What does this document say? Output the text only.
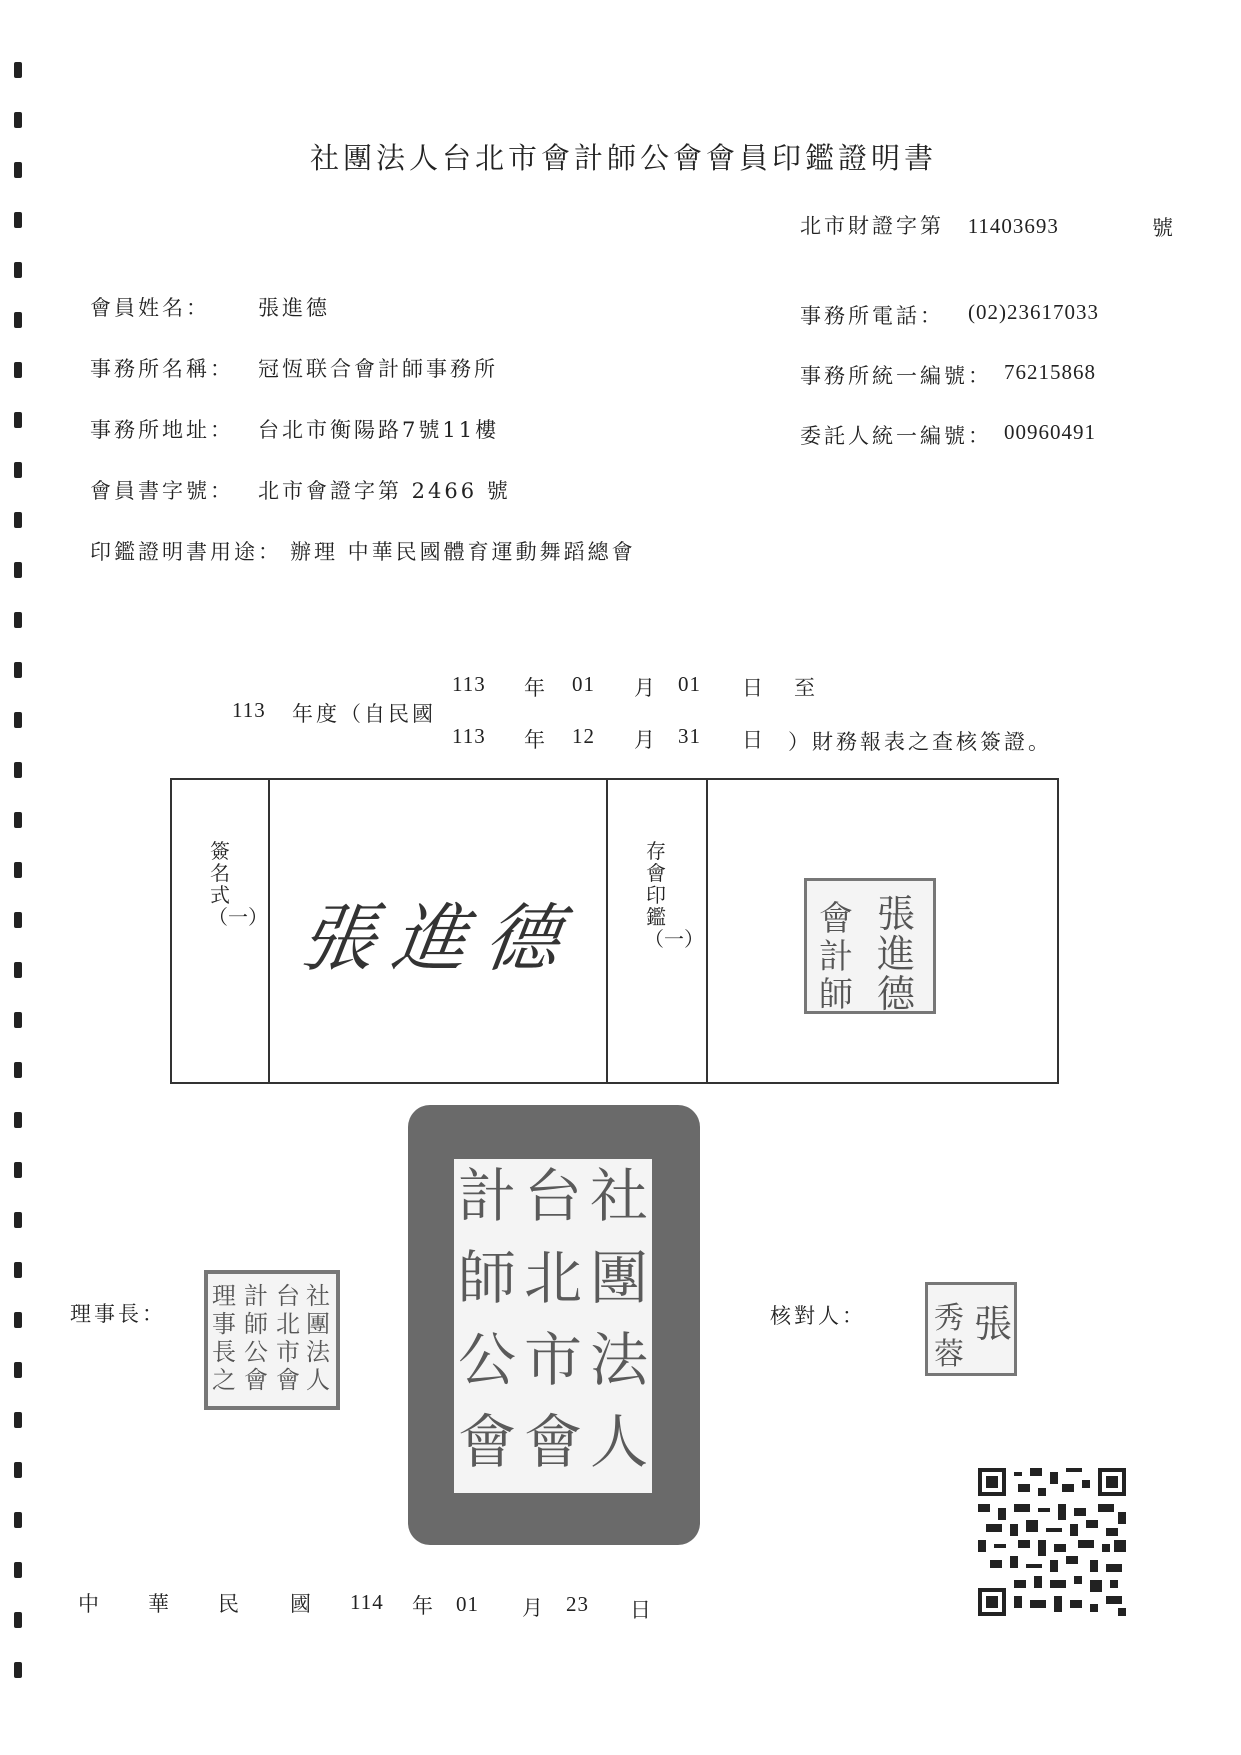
社團法人台北市會計師公會會員印鑑證明書
北市財證字第 11403693	號
會員姓名： 張進德
事務所名稱： 冠恆联合會計師事務所
事務所地址： 台北市衡陽路7號11樓
會員書字號： 北市會證字第 2466 號
印鑑證明書用途： 辦理 中華民國體育運動舞蹈總會
事務所電話： (02)23617033
事務所統一編號： 76215868
委託人統一編號： 00960491
113 年度（自民國
113 年 01 月 01 日 至
113 年 12 月 31 日 ）財務報表之查核簽證。
簽名式（一） 張進德
存會印鑑（一）
張
進
德
會
計
師
社
團
法
人
台
北
市
會
計
師
公
會
理事長：
社
團
法
人
台
北
市
會
計
師
公
會
理
事
長
之
核對人：	張
秀
蓉
中 華 民 國 114 年 01 月 23 日
